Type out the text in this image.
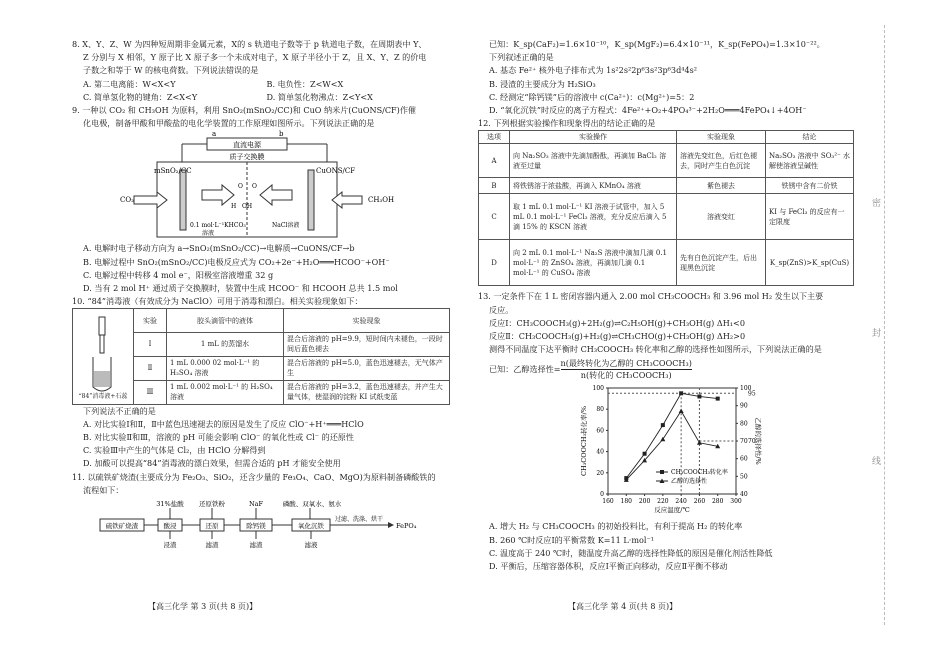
密
封
线
8. X、Y、Z、W 为四种短周期非金属元素，X的 s 轨道电子数等于 p 轨道电子数，在周期表中 Y、
Z 分别与 X 相邻，Y 原子比 X 原子多一个未成对电子，X 原子半径小于 Z，且 X、Y、Z 的价电
子数之和等于 W 的核电荷数。下列说法错误的是
A. 第二电离能：W<X<Y	B. 电负性：Z<W<X
C. 简单氢化物的键角：Z<X<Y	D. 简单氢化物沸点：Z<Y<X
9. 一种以 CO₂ 和 CH₃OH 为原料，利用 SnO₂(mSnO₂/CC)和 CuO 纳米片(CuONS/CF)作催
化电极，制备甲酸和甲酸盐的电化学装置的工作原理如图所示。下列说法正确的是
直流电源
a	b
质子交换膜
mSnO₂/CC	CuONS/CF
CO₂	CH₃OH
O O
H OH
0.1 mol·L⁻¹KHCO₃
溶液
NaCl溶液
A. 电解时电子移动方向为 a→SnO₂(mSnO₂/CC)→电解质→CuONS/CF→b
B. 电解过程中 SnO₂(mSnO₂/CC)电极反应式为 CO₂+2e⁻+H₂O═══HCOO⁻+OH⁻
C. 电解过程中转移 4 mol e⁻，阳极室溶液增重 32 g
D. 当有 2 mol H⁺ 通过质子交换膜时，装置中生成 HCOO⁻ 和 HCOOH 总共 1.5 mol
10. “84”消毒液（有效成分为 NaClO）可用于消毒和漂白。相关实验现象如下：
“84”消毒液+石蕊
实验	胶头滴管中的液体	实验现象
Ⅰ	1 mL 的蒸馏水	混合后溶液的 pH=9.9，短时间内未褪色，一段时间后蓝色褪去
Ⅱ	1 mL 0.000 02 mol·L⁻¹ 的 H₂SO₄ 溶液	混合后溶液的 pH=5.0，蓝色迅速褪去，无气体产生
Ⅲ	1 mL 0.002 mol·L⁻¹ 的 H₂SO₄ 溶液	混合后溶液的 pH=3.2，蓝色迅速褪去，并产生大量气体，使湿润的淀粉 KI 试纸变蓝
下列说法不正确的是
A. 对比实验Ⅰ和Ⅱ，Ⅱ中蓝色迅速褪去的原因是发生了反应 ClO⁻+H⁺═══HClO
B. 对比实验Ⅱ和Ⅲ，溶液的 pH 可能会影响 ClO⁻ 的氧化性或 Cl⁻ 的还原性
C. 实验Ⅲ中产生的气体是 Cl₂，由 HClO 分解得到
D. 加酸可以提高“84”消毒液的漂白效果，但需合适的 pH 才能安全使用
11. 以硫铁矿烧渣(主要成分为 Fe₂O₃、SiO₂，还含少量的 Fe₃O₄、CaO、MgO)为原料制备磷酸铁的
流程如下：
31%盐酸 还原铁粉	NaF	磷酸、双氧水、氨水
硫铁矿烧渣	酸浸	还原	除钙镁	氧化沉铁
过滤、洗涤、烘干
FePO₄
浸渣	滤渣	滤渣	滤液
【高三化学 第 3 页(共 8 页)】
已知：K_sp(CaF₂)=1.6×10⁻¹⁰，K_sp(MgF₂)=6.4×10⁻¹¹，K_sp(FePO₄)=1.3×10⁻²²。
下列叙述正确的是
A. 基态 Fe²⁺ 核外电子排布式为 1s²2s²2p⁶3s²3p⁶3d⁴4s²
B. 浸渣的主要成分为 H₂SiO₃
C. 经测定“除钙镁”后的溶液中 c(Ca²⁺)：c(Mg²⁺)=5：2
D. “氧化沉铁”时反应的离子方程式：4Fe²⁺+O₂+4PO₄³⁻+2H₂O═══4FePO₄↓+4OH⁻
12. 下列根据实验操作和现象得出的结论正确的是
选项	实验操作	实验现象	结论
A	向 Na₂SO₃ 溶液中先滴加酚酞，再滴加 BaCl₂ 溶液至过量	溶液先变红色，后红色褪去，同时产生白色沉淀	Na₂SO₃ 溶液中 SO₃²⁻ 水解使溶液呈碱性
B	将铁锈溶于浓盐酸，再滴入 KMnO₄ 溶液	紫色褪去	铁锈中含有二价铁
C	取 1 mL 0.1 mol·L⁻¹ KI 溶液于试管中，加入 5 mL 0.1 mol·L⁻¹ FeCl₃ 溶液，充分反应后滴入 5 滴 15% 的 KSCN 溶液	溶液变红	KI 与 FeCl₃ 的反应有一定限度
D	向 2 mL 0.1 mol·L⁻¹ Na₂S 溶液中滴加几滴 0.1 mol·L⁻¹ 的 ZnSO₄ 溶液，再滴加几滴 0.1 mol·L⁻¹ 的 CuSO₄ 溶液	先有白色沉淀产生，后出现黑色沉淀	K_sp(ZnS)>K_sp(CuS)
13. 一定条件下在 1 L 密闭容器内通入 2.00 mol CH₃COOCH₃ 和 3.96 mol H₂ 发生以下主要
反应。
反应Ⅰ：CH₃COOCH₃(g)+2H₂(g)⇌C₂H₅OH(g)+CH₃OH(g) ΔH₁<0
反应Ⅱ：CH₃COOCH₃(g)+H₂(g)⇌CH₃CHO(g)+CH₃OH(g) ΔH₂>0
测得不同温度下达平衡时 CH₃COOCH₃ 转化率和乙醇的选择性如图所示，下列说法正确的是
已知：乙醇选择性=
n(最终转化为乙醇的 CH₃COOCH₃)
n(转化的 CH₃COOCH₃)
160 180 200 220 240 260 280 300
0
20
40
60
80
100
40
50
60
70
80
90
100
反应温度/℃
CH₃COOCH₃转化率/%	乙醇的选择性/%
95
70
CH₃COOCH₃转化率
乙醇的选择性
A. 增大 H₂ 与 CH₃COOCH₃ 的初始投料比，有利于提高 H₂ 的转化率
B. 260 ℃时反应Ⅰ的平衡常数 K=11 L·mol⁻¹
C. 温度高于 240 ℃时，随温度升高乙醇的选择性降低的原因是催化剂活性降低
D. 平衡后，压缩容器体积，反应Ⅰ平衡正向移动，反应Ⅱ平衡不移动
【高三化学 第 4 页(共 8 页)】
